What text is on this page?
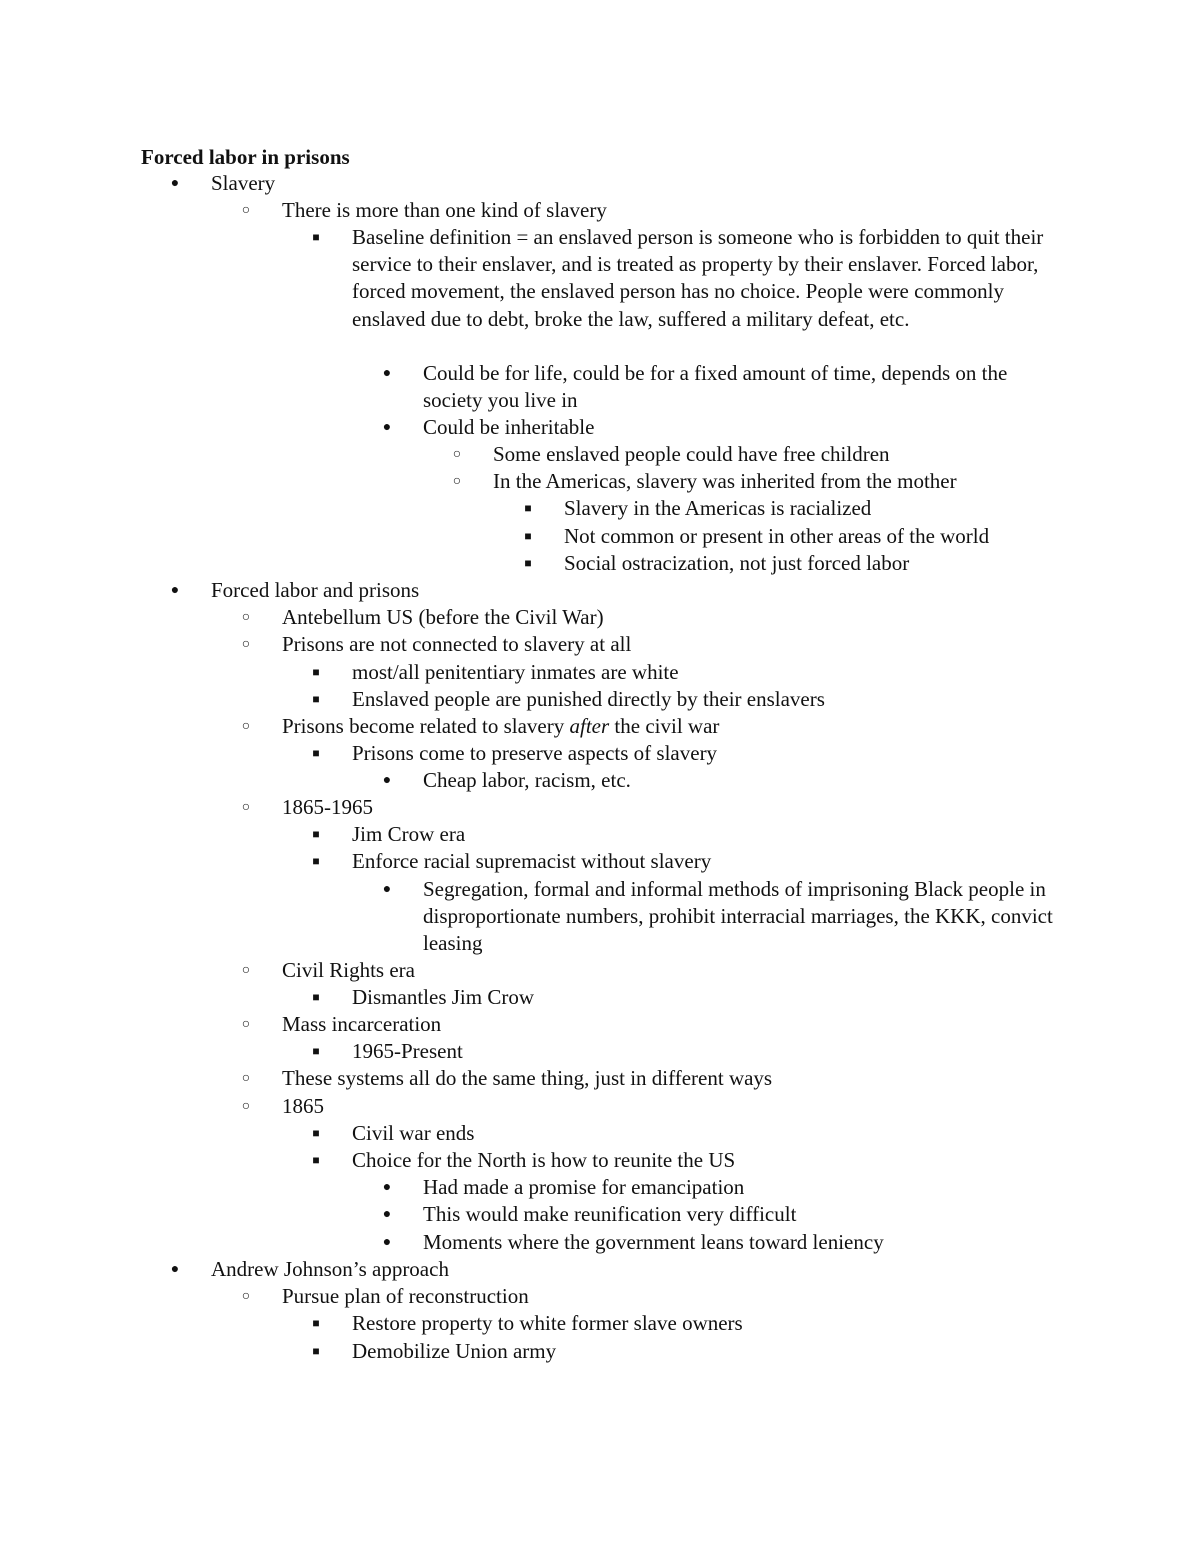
Forced labor in prisons
● Slavery
○ There is more than one kind of slavery
■	Baseline definition = an enslaved person is someone who is forbidden to quit their service to their enslaver, and is treated as property by their enslaver. Forced labor, forced movement, the enslaved person has no choice. People were commonly enslaved due to debt, broke the law, suffered a military defeat, etc.
● Could be for life, could be for a fixed amount of time, depends on the society you live in
● Could be inheritable
○ Some enslaved people could have free children
○ In the Americas, slavery was inherited from the mother
■	Slavery in the Americas is racialized
■	Not common or present in other areas of the world
■	Social ostracization, not just forced labor
● Forced labor and prisons
○ Antebellum US (before the Civil War)
○ Prisons are not connected to slavery at all
■	most/all penitentiary inmates are white
■	Enslaved people are punished directly by their enslavers
○ Prisons become related to slavery after the civil war
■	Prisons come to preserve aspects of slavery
● Cheap labor, racism, etc.
○ 1865-1965
■	Jim Crow era
■	Enforce racial supremacist without slavery
● Segregation, formal and informal methods of imprisoning Black people in disproportionate numbers, prohibit interracial marriages, the KKK, convict leasing
○ Civil Rights era
■	Dismantles Jim Crow
○ Mass incarceration
■	1965-Present
○ These systems all do the same thing, just in different ways
○ 1865
■	Civil war ends
■	Choice for the North is how to reunite the US
● Had made a promise for emancipation
● This would make reunification very difficult
● Moments where the government leans toward leniency
● Andrew Johnson’s approach
○ Pursue plan of reconstruction
■	Restore property to white former slave owners
■	Demobilize Union army
